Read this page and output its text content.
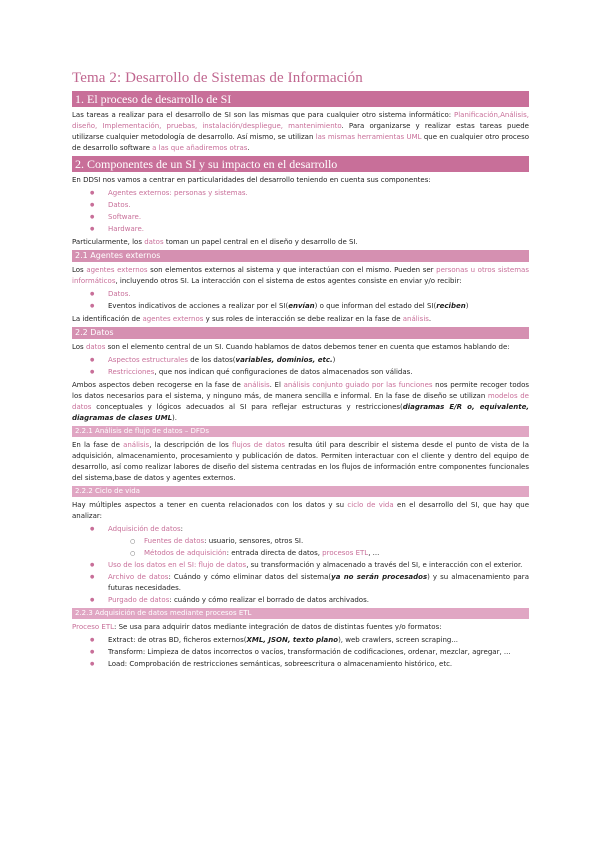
Tema 2: Desarrollo de Sistemas de Información
1. El proceso de desarrollo de SI

Las tareas a realizar para el desarrollo de SI son las mismas que para cualquier otro sistema informático: Planificación,Análisis, diseño, Implementación, pruebas, instalación/despliegue, mantenimiento. Para organizarse y realizar estas tareas puede utilizarse cualquier metodología de desarrollo. Así mismo, se utilizan las mismas herramientas UML que en cualquier otro proceso de desarrollo software a las que añadiremos otras.

2. Componentes de un SI y su impacto en el desarrollo

En DDSI nos vamos a centrar en particularidades del desarrollo teniendo en cuenta sus componentes:

● Agentes externos: personas y sistemas.
● Datos.
● Software.
● Hardware.

Particularmente, los datos toman un papel central en el diseño y desarrollo de SI.

2.1 Agentes externos

Los agentes externos son elementos externos al sistema y que interactúan con el mismo. Pueden ser personas u otros sistemas informáticos, incluyendo otros SI. La interacción con el sistema de estos agentes consiste en enviar y/o recibir:

● Datos.
● Eventos indicativos de acciones a realizar por el SI(envían) o que informan del estado del SI(reciben)

La identificación de agentes externos y sus roles de interacción se debe realizar en la fase de análisis.

2.2 Datos

Los datos son el elemento central de un SI. Cuando hablamos de datos debemos tener en cuenta que estamos hablando de:

● Aspectos estructurales de los datos(variables, dominios, etc.)
● Restricciones, que nos indican qué configuraciones de datos almacenados son válidas.

Ambos aspectos deben recogerse en la fase de análisis. El análisis conjunto guiado por las funciones nos permite recoger todos los datos necesarios para el sistema, y ninguno más, de manera sencilla e informal. En la fase de diseño se utilizan modelos de datos conceptuales y lógicos adecuados al SI para reflejar estructuras y restricciones(diagramas E/R o, equivalente, diagramas de clases UML).

2.2.1 Análisis de flujo de datos – DFDs

En la fase de análisis, la descripción de los flujos de datos resulta útil para describir el sistema desde el punto de vista de la adquisición, almacenamiento, procesamiento y publicación de datos. Permiten interactuar con el cliente y dentro del equipo de desarrollo, así como realizar labores de diseño del sistema centradas en los flujos de información entre componentes funcionales del sistema,base de datos y agentes externos.

2.2.2 Ciclo de vida

Hay múltiples aspectos a tener en cuenta relacionados con los datos y su ciclo de vida en el desarrollo del SI, que hay que analizar:

● Adquisición de datos:
○ Fuentes de datos: usuario, sensores, otros SI.
○ Métodos de adquisición: entrada directa de datos, procesos ETL, ...
● Uso de los datos en el SI: flujo de datos, su transformación y almacenado a través del SI, e interacción con el exterior.
● Archivo de datos: Cuándo y cómo eliminar datos del sistema(ya no serán procesados) y su almacenamiento para futuras necesidades.
● Purgado de datos: cuándo y cómo realizar el borrado de datos archivados.
2.2.3 Adquisición de datos mediante procesos ETL

Proceso ETL: Se usa para adquirir datos mediante integración de datos de distintas fuentes y/o formatos:

● Extract: de otras BD, ficheros externos(XML, JSON, texto plano), web crawlers, screen scraping...
● Transform: Limpieza de datos incorrectos o vacíos, transformación de codificaciones, ordenar, mezclar, agregar, ...
● Load: Comprobación de restricciones semánticas, sobreescritura o almacenamiento histórico, etc.
